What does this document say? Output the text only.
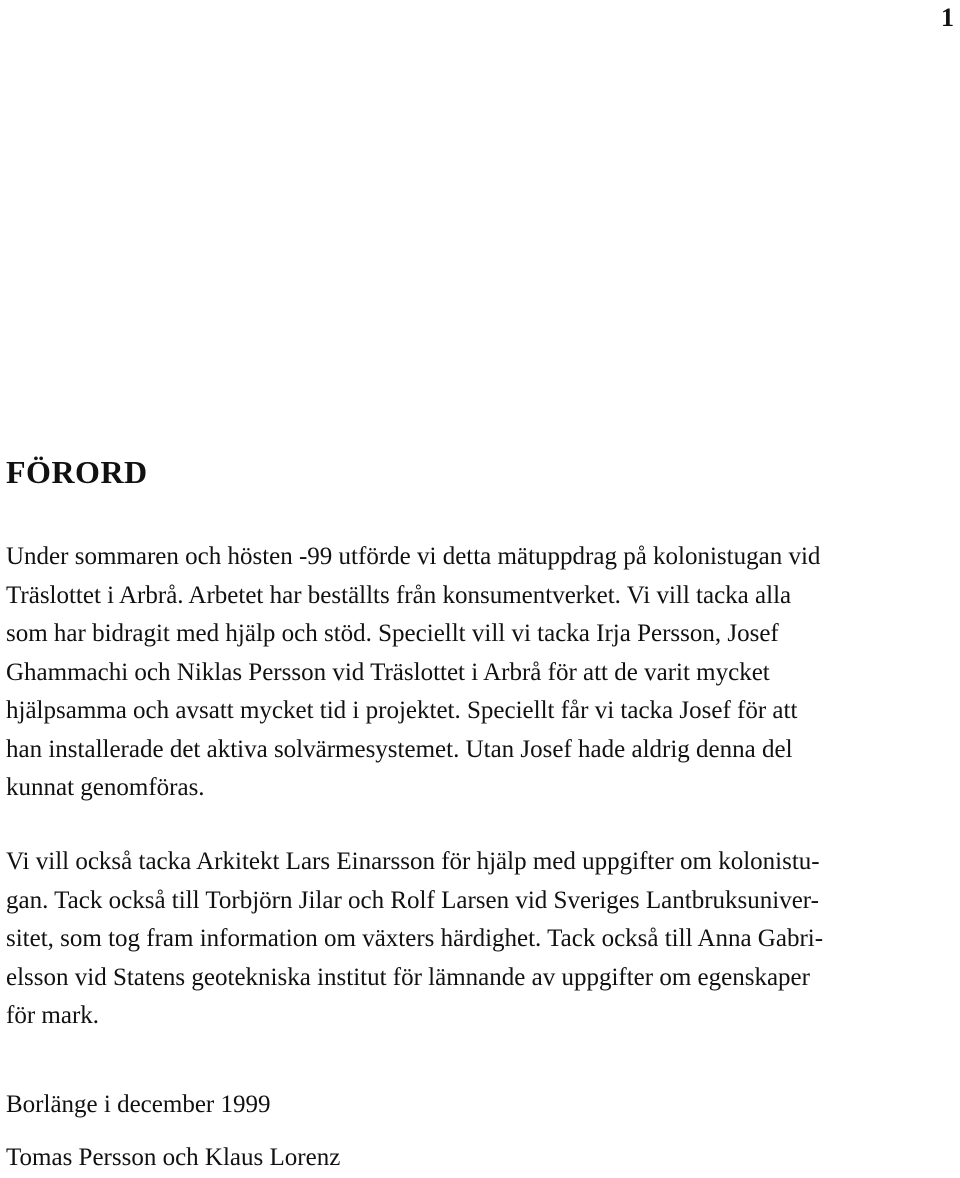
1
FÖRORD
Under sommaren och hösten -99 utförde vi detta mätuppdrag på kolonistugan vid
Träslottet i Arbrå. Arbetet har beställts från konsumentverket. Vi vill tacka alla
som har bidragit med hjälp och stöd. Speciellt vill vi tacka Irja Persson, Josef
Ghammachi och Niklas Persson vid Träslottet i Arbrå för att de varit mycket
hjälpsamma och avsatt mycket tid i projektet. Speciellt får vi tacka Josef för att
han installerade det aktiva solvärmesystemet. Utan Josef hade aldrig denna del
kunnat genomföras.
Vi vill också tacka Arkitekt Lars Einarsson för hjälp med uppgifter om kolonistu-
gan. Tack också till Torbjörn Jilar och Rolf Larsen vid Sveriges Lantbruksuniver-
sitet, som tog fram information om växters härdighet. Tack också till Anna Gabri-
elsson vid Statens geotekniska institut för lämnande av uppgifter om egenskaper
för mark.
Borlänge i december 1999
Tomas Persson och Klaus Lorenz
